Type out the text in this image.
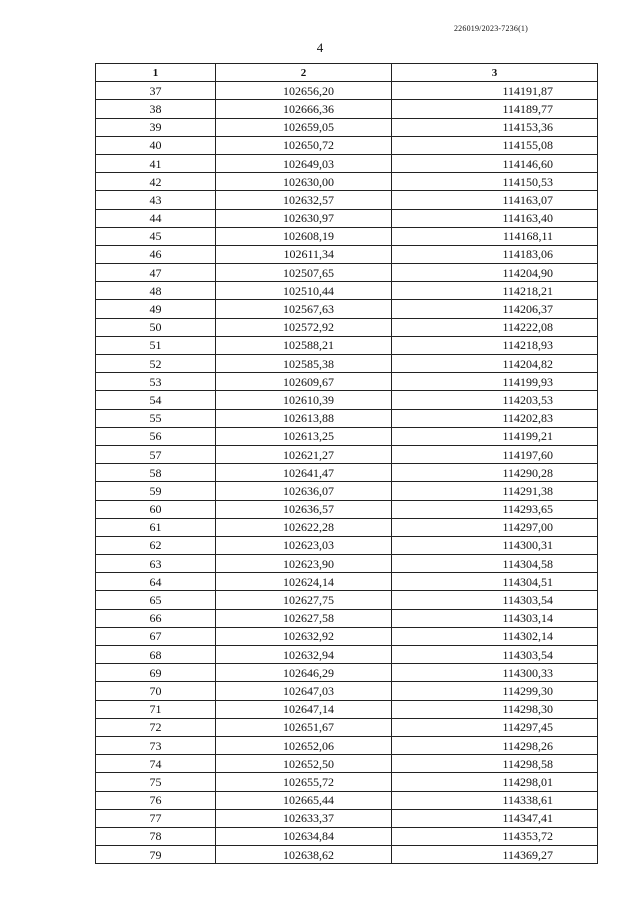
226019/2023-7236(1)
4
1	2	3
37	102656,20	114191,87
38	102666,36	114189,77
39	102659,05	114153,36
40	102650,72	114155,08
41	102649,03	114146,60
42	102630,00	114150,53
43	102632,57	114163,07
44	102630,97	114163,40
45	102608,19	114168,11
46	102611,34	114183,06
47	102507,65	114204,90
48	102510,44	114218,21
49	102567,63	114206,37
50	102572,92	114222,08
51	102588,21	114218,93
52	102585,38	114204,82
53	102609,67	114199,93
54	102610,39	114203,53
55	102613,88	114202,83
56	102613,25	114199,21
57	102621,27	114197,60
58	102641,47	114290,28
59	102636,07	114291,38
60	102636,57	114293,65
61	102622,28	114297,00
62	102623,03	114300,31
63	102623,90	114304,58
64	102624,14	114304,51
65	102627,75	114303,54
66	102627,58	114303,14
67	102632,92	114302,14
68	102632,94	114303,54
69	102646,29	114300,33
70	102647,03	114299,30
71	102647,14	114298,30
72	102651,67	114297,45
73	102652,06	114298,26
74	102652,50	114298,58
75	102655,72	114298,01
76	102665,44	114338,61
77	102633,37	114347,41
78	102634,84	114353,72
79	102638,62	114369,27
